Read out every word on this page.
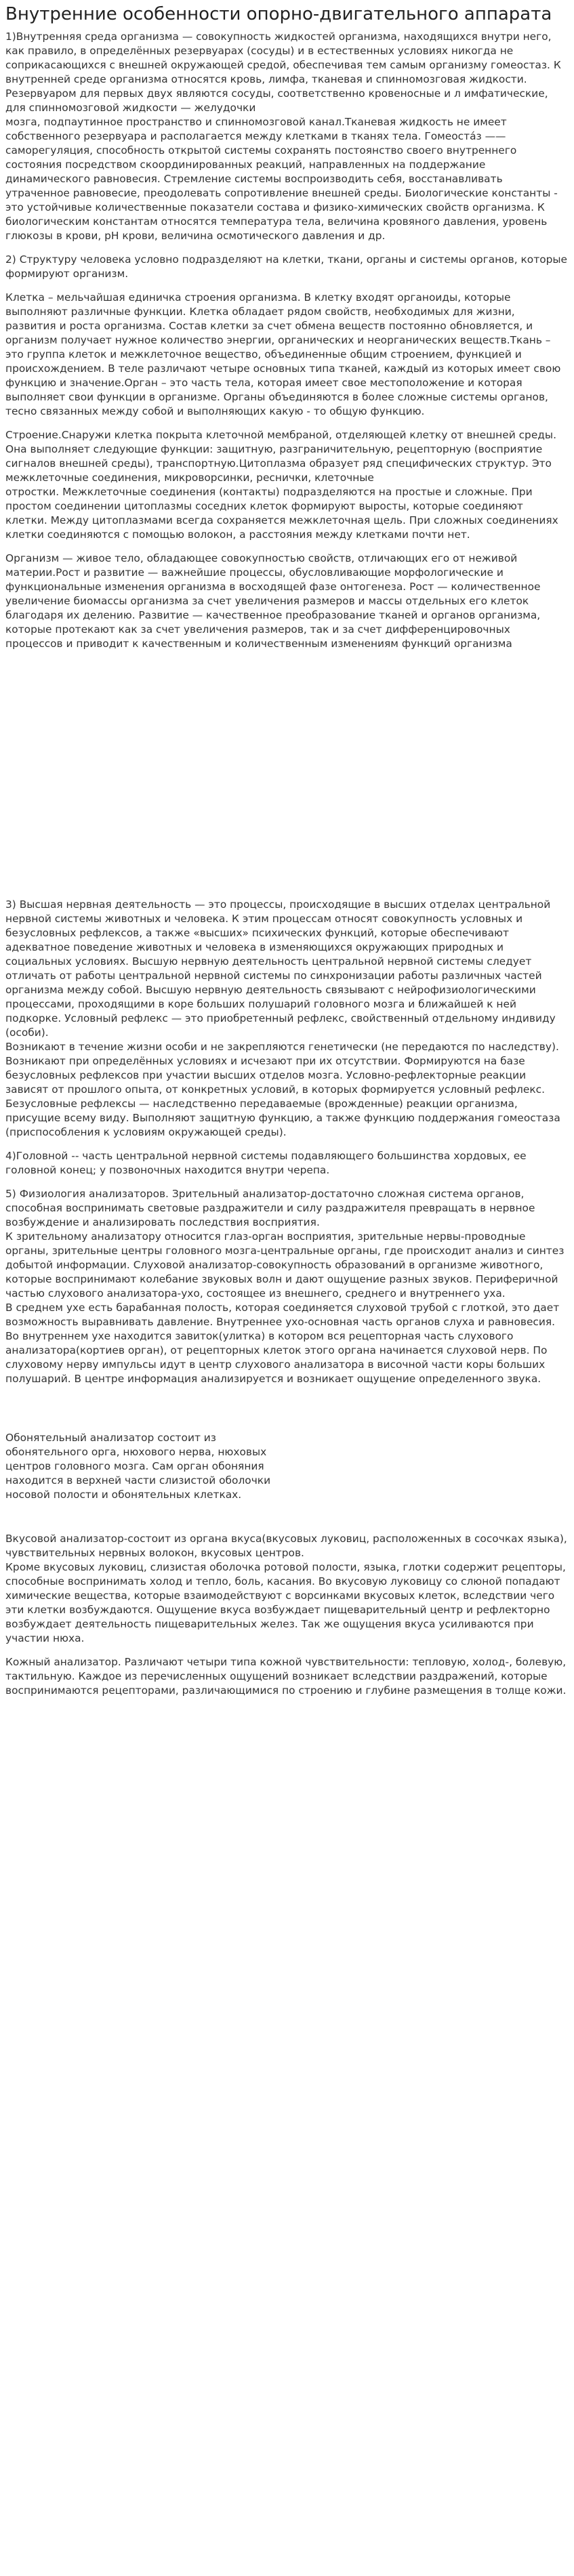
Внутренние особенности опорно-двигательного аппарата

1)Внутренняя среда организма — совокупность жидкостей организма, находящихся внутри него, как правило, в определённых резервуарах (сосуды) и в естественных условиях никогда не соприкасающихся с внешней окружающей средой, обеспечивая тем самым организму гомеостаз. К внутренней среде организма относятся кровь, лимфа, тканевая и спинномозговая жидкости. Резервуаром для первых двух являются сосуды, соответственно кровеносные и л имфатические, для спинномозговой жидкости — желудочки
мозга, подпаутинное пространство и спинномозговой канал.Тканевая жидкость не имеет собственного резервуара и располагается между клетками в тканях тела. Гомеоста́з —— саморегуляция, способность открытой системы сохранять постоянство своего внутреннего состояния посредством скоординированных реакций, направленных на поддержание динамического равновесия. Стремление системы воспроизводить себя, восстанавливать утраченное равновесие, преодолевать сопротивление внешней среды. Биологические константы - это устойчивые количественные показатели состава и физико-химических свойств организма. К биологическим константам относятся температура тела, величина кровяного давления, уровень глюкозы в крови, pH крови, величина осмотического давления и др.

2) Структуру человека условно подразделяют на клетки, ткани, органы и системы органов, которые формируют организм.

Клетка – мельчайшая единичка строения организма. В клетку входят органоиды, которые выполняют различные функции. Клетка обладает рядом свойств, необходимых для жизни, развития и роста организма. Состав клетки за счет обмена веществ постоянно обновляется, и организм получает нужное количество энергии, органических и неорганических веществ.Ткань – это группа клеток и межклеточное вещество, объединенные общим строением, функцией и происхождением. В теле различают четыре основных типа тканей, каждый из которых имеет свою функцию и значение.Орган – это часть тела, которая имеет свое местоположение и которая выполняет свои функции в организме. Органы объединяются в более сложные системы органов, тесно связанных между собой и выполняющих какую - то общую функцию.

Строение.Снаружи клетка покрыта клеточной мембраной, отделяющей клетку от внешней среды. Она выполняет следующие функции: защитную, разграничительную, рецепторную (восприятие сигналов внешней среды), транспортную.Цитоплазма образует ряд специфических структур. Это межклеточные соединения, микроворсинки, реснички, клеточные
отростки. Межклеточные соединения (контакты) подразделяются на простые и сложные. При простом соединении цитоплазмы соседних клеток формируют выросты, которые соединяют клетки. Между цитоплазмами всегда сохраняется межклеточная щель. При сложных соединениях клетки соединяются с помощью волокон, а расстояния между клетками почти нет.

Организм — живое тело, обладающее совокупностью свойств, отличающих его от неживой материи.Рост и развитие — важнейшие процессы, обусловливающие морфологические и функциональные изменения организма в восходящей фазе онтогенеза. Рост — количественное увеличение биомассы организма за счет увеличения размеров и массы отдельных его клеток благодаря их делению. Развитие — качественное преобразование тканей и органов организма, которые протекают как за счет увеличения размеров, так и за счет дифференцировочных процессов и приводит к качественным и количественным изменениям функций организма

3) Высшая нервная деятельность — это процессы, происходящие в высших отделах центральной нервной системы животных и человека. К этим процессам относят совокупность условных и безусловных рефлексов, а также «высших» психических функций, которые обеспечивают адекватное поведение животных и человека в изменяющихся окружающих природных и социальных условиях. Высшую нервную деятельность центральной нервной системы следует отличать от работы центральной нервной системы по синхронизации работы различных частей организма между собой. Высшую нервную деятельность связывают с нейрофизиологическими процессами, проходящими в коре больших полушарий головного мозга и ближайшей к ней подкорке. Условный рефлекс — это приобретенный рефлекс, свойственный отдельному индивиду (особи).
Возникают в течение жизни особи и не закрепляются генетически (не передаются по наследству). Возникают при определённых условиях и исчезают при их отсутствии. Формируются на базе безусловных рефлексов при участии высших отделов мозга. Условно-рефлекторные реакции зависят от прошлого опыта, от конкретных условий, в которых формируется условный рефлекс. Безусловные рефлексы — наследственно передаваемые (врожденные) реакции организма, присущие всему виду. Выполняют защитную функцию, а также функцию поддержания гомеостаза (приспособления к условиям окружающей среды).

4)Головной -- часть центральной нервной системы подавляющего большинства хордовых, ее головной конец; у позвоночных находится внутри черепа.

5) Физиология анализаторов. Зрительный анализатор-достаточно сложная система органов, способная воспринимать световые раздражители и силу раздражителя превращать в нервное возбуждение и анализировать последствия восприятия.
К зрительному анализатору относится глаз-орган восприятия, зрительные нервы-проводные органы, зрительные центры головного мозга-центральные органы, где происходит анализ и синтез добытой информации. Слуховой анализатор-совокупность образований в организме животного, которые воспринимают колебание звуковых волн и дают ощущение разных звуков. Периферичной частью слухового анализатора-ухо, состоящее из внешнего, среднего и внутреннего уха.
В среднем ухе есть барабанная полость, которая соединяется слуховой трубой с глоткой, это дает возможность выравнивать давление. Внутреннее ухо-основная часть органов слуха и равновесия. Во внутреннем ухе находится завиток(улитка) в котором вся рецепторная часть слухового анализатора(кортиев орган), от рецепторных клеток этого органа начинается слуховой нерв. По слуховому нерву импульсы идут в центр слухового анализатора в височной части коры больших полушарий. В центре информация анализируется и возникает ощущение определенного звука.

Обонятельный анализатор состоит из обонятельного орга, нюхового нерва, нюховых центров головного мозга. Сам орган обоняния находится в верхней части слизистой оболочки носовой полости и обонятельных клетках.

Вкусовой анализатор-состоит из органа вкуса(вкусовых луковиц, расположенных в сосочках языка), чувствительных нервных волокон, вкусовых центров.
Кроме вкусовых луковиц, слизистая оболочка ротовой полости, языка, глотки содержит рецепторы, способные воспринимать холод и тепло, боль, касания. Во вкусовую луковицу со слюной попадают химические вещества, которые взаимодействуют с ворсинками вкусовых клеток, вследствии чего эти клетки возбуждаются. Ощущение вкуса возбуждает пищеварительный центр и рефлекторно возбуждает деятельность пищеварительных желез. Так же ощущения вкуса усиливаются при участии нюха.

Кожный анализатор. Различают четыри типа кожной чувствительности: тепловую, холод-, болевую, тактильную. Каждое из перечисленных ощущений возникает вследствии раздражений, которые воспринимаются рецепторами, различающимися по строению и глубине размещения в толще кожи.
